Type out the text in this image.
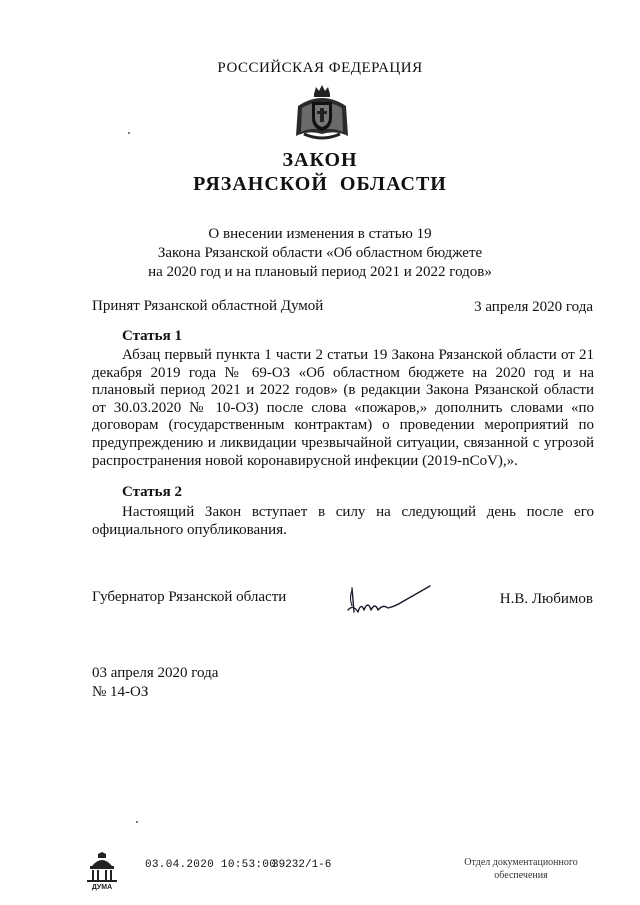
РОССИЙСКАЯ ФЕДЕРАЦИЯ
ЗАКОН
РЯЗАНСКОЙ ОБЛАСТИ
О внесении изменения в статью 19
Закона Рязанской области «Об областном бюджете
на 2020 год и на плановый период 2021 и 2022 годов»
Принят Рязанской областной Думой	3 апреля 2020 года
Статья 1
Абзац первый пункта 1 части 2 статьи 19 Закона Рязанской области от 21 декабря 2019 года № 69-ОЗ «Об областном бюджете на 2020 год и на плановый период 2021 и 2022 годов» (в редакции Закона Рязанской области от 30.03.2020 № 10-ОЗ) после слова «пожаров,» дополнить словами «по договорам (государственным контрактам) о проведении мероприятий по предупреждению и ликвидации чрезвычайной ситуации, связанной с угрозой распространения новой коронавирусной инфекции (2019-nCoV),».
Статья 2
Настоящий Закон вступает в силу на следующий день после его официального опубликования.
Губернатор Рязанской области	Н.В. Любимов
03 апреля 2020 года
№ 14-ОЗ
ДУМА
03.04.2020 10:53:00
39232/1-6	Отдел документационного
обеспечения
